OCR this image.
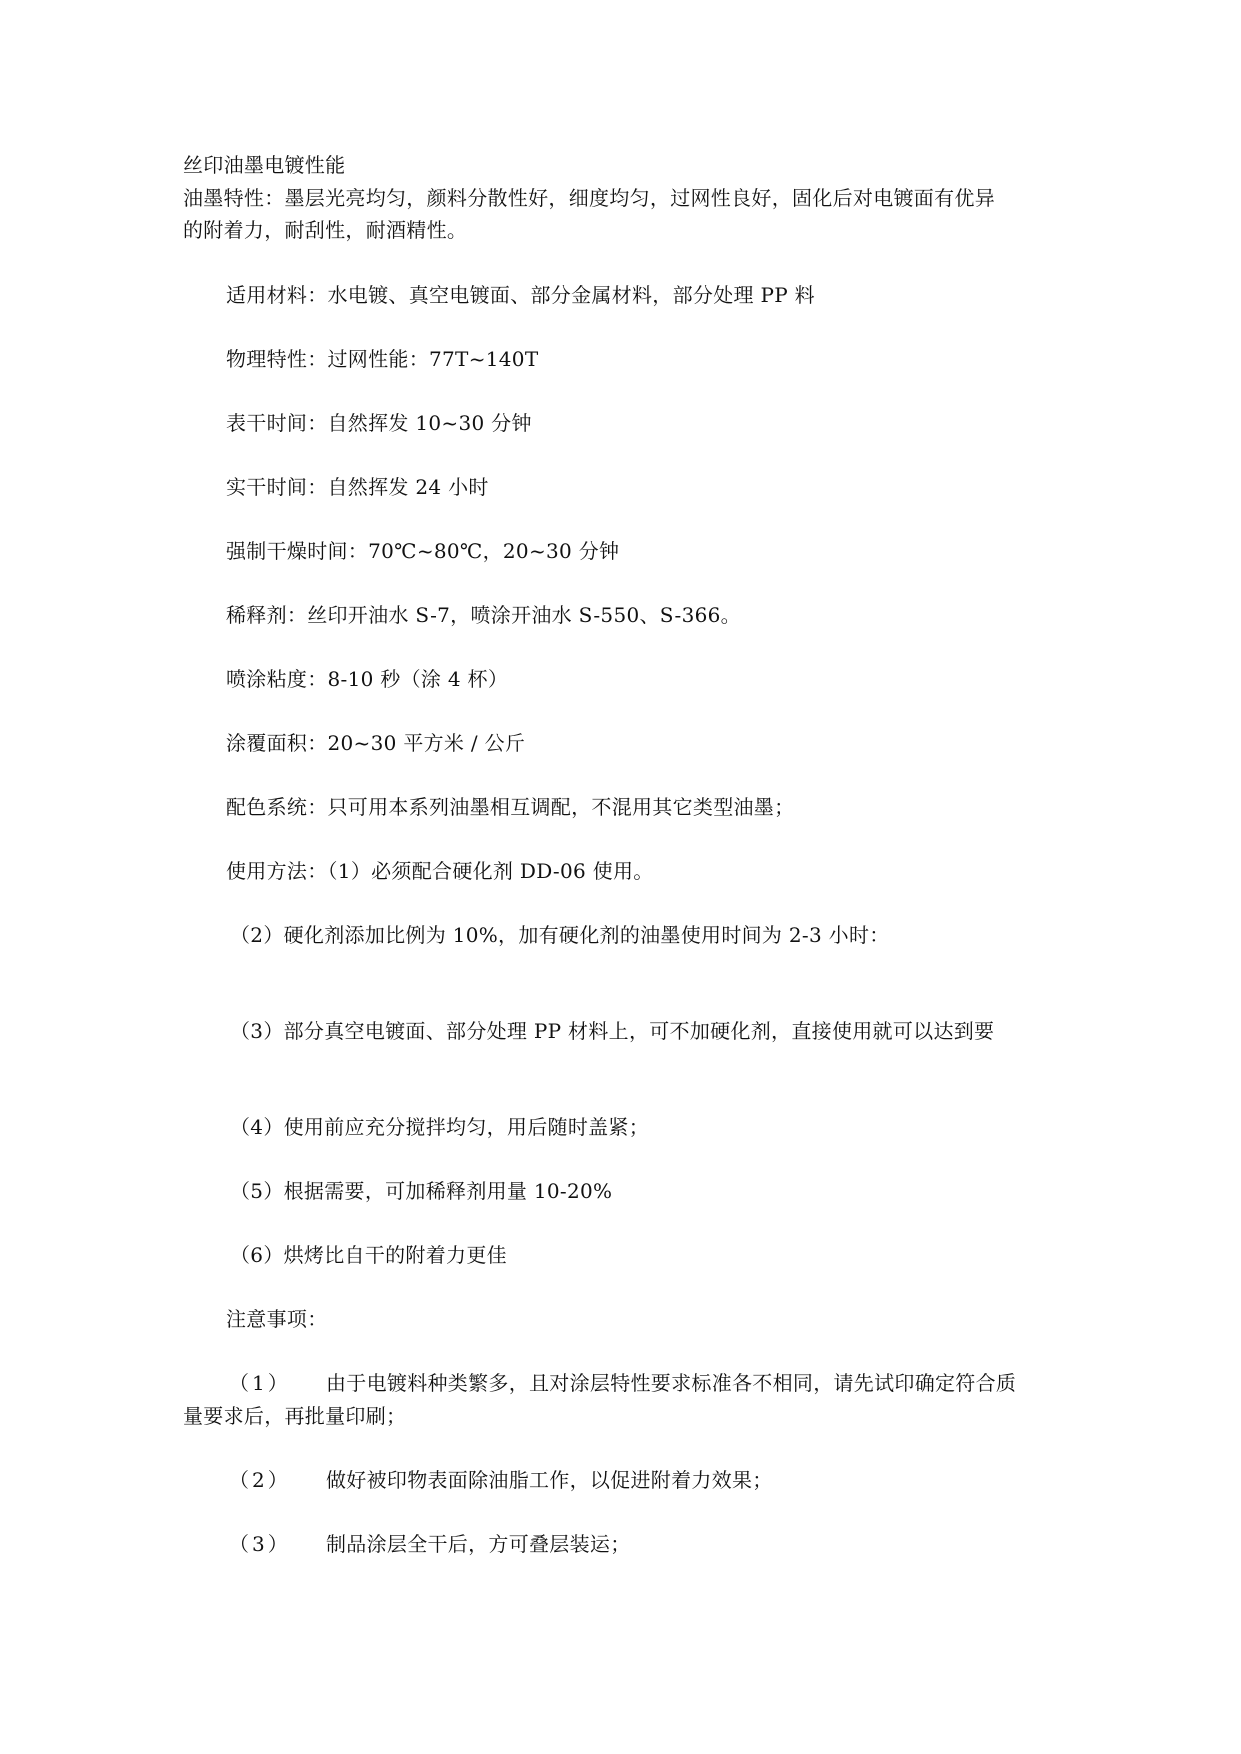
丝印油墨电镀性能
油墨特性：墨层光亮均匀，颜料分散性好，细度均匀，过网性良好，固化后对电镀面有优异
的附着力，耐刮性，耐酒精性。
适用材料：水电镀、真空电镀面、部分金属材料，部分处理 PP 料
物理特性：过网性能：77T~140T
表干时间：自然挥发 10~30 分钟
实干时间：自然挥发 24 小时
强制干燥时间：70℃~80℃，20~30 分钟
稀释剂：丝印开油水 S-7，喷涂开油水 S-550、S-366。
喷涂粘度：8-10 秒（涂 4 杯）
涂覆面积：20~30 平方米 / 公斤
配色系统：只可用本系列油墨相互调配，不混用其它类型油墨；
使用方法：（1）必须配合硬化剂 DD-06 使用。
（2）硬化剂添加比例为 10%，加有硬化剂的油墨使用时间为 2-3 小时：
（3）部分真空电镀面、部分处理 PP 材料上，可不加硬化剂，直接使用就可以达到要
（4）使用前应充分搅拌均匀，用后随时盖紧；
（5）根据需要，可加稀释剂用量 10-20%
（6）烘烤比自干的附着力更佳
注意事项：
（1） 由于电镀料种类繁多，且对涂层特性要求标准各不相同，请先试印确定符合质
量要求后，再批量印刷；
（2） 做好被印物表面除油脂工作，以促进附着力效果；
（3） 制品涂层全干后，方可叠层装运；
